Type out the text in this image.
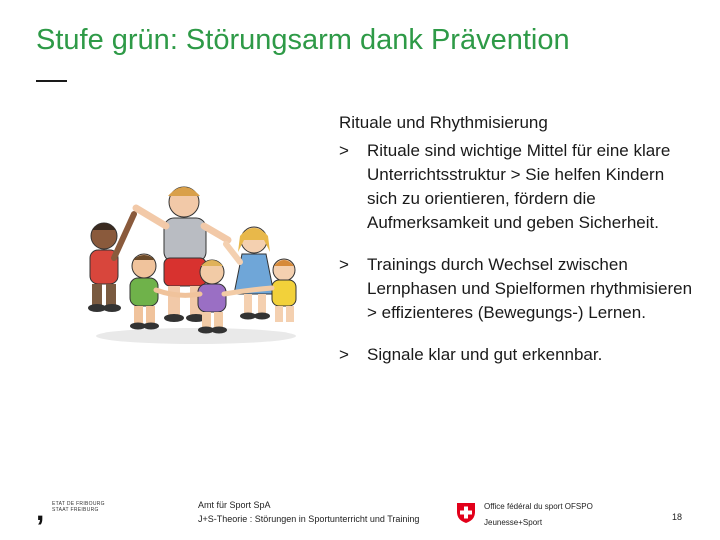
Stufe grün: Störungsarm dank Prävention

Rituale und Rhythmisierung

> Rituale sind wichtige Mittel für eine klare Unterrichtsstruktur > Sie helfen Kindern sich zu orientieren, fördern die Aufmerksamkeit und geben Sicherheit.
> Trainings durch Wechsel zwischen Lernphasen und Spielformen rhythmisieren > effizienteres (Bewegungs-) Lernen.
> Signale klar und gut erkennbar.
, ETAT DE FRIBOURG
STAAT FREIBURG	Amt für Sport SpA
J+S-Theorie : Störungen in Sportunterricht und Training
Office fédéral du sport OFSPO
Jeunesse+Sport
18
